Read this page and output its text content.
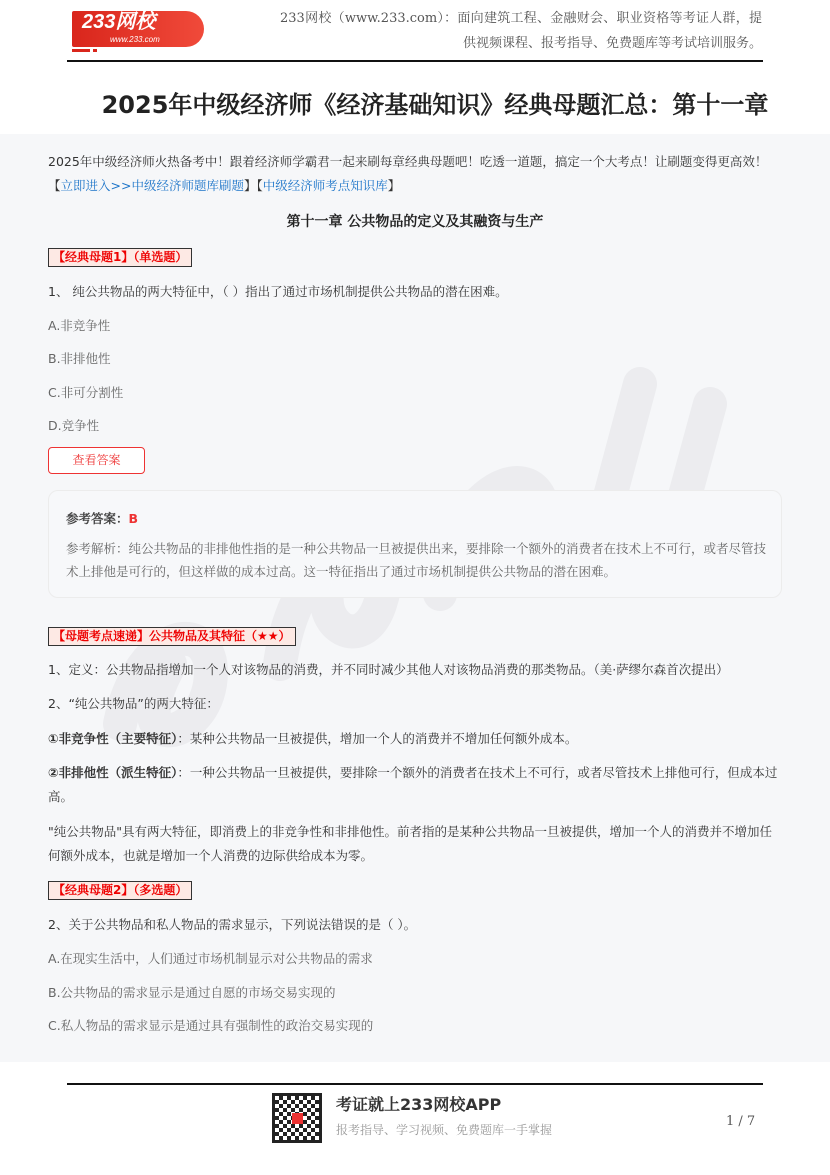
233网校
www.233.com
233网校（www.233.com）：面向建筑工程、金融财会、职业资格等考证人群，提供视频课程、报考指导、免费题库等考试培训服务。
2025年中级经济师《经济基础知识》经典母题汇总：第十一章
2025年中级经济师火热备考中！跟着经济师学霸君一起来刷每章经典母题吧！吃透一道题，搞定一个大考点！让刷题变得更高效！ 【立即进入>>中级经济师题库刷题】【中级经济师考点知识库】
第十一章 公共物品的定义及其融资与生产
【经典母题1】（单选题）
1、 纯公共物品的两大特征中，（ ）指出了通过市场机制提供公共物品的潜在困难。
A.非竞争性
B.非排他性
C.非可分割性
D.竞争性
查看答案
参考答案：B
参考解析：纯公共物品的非排他性指的是一种公共物品一旦被提供出来，要排除一个额外的消费者在技术上不可行，或者尽管技术上排他是可行的，但这样做的成本过高。这一特征指出了通过市场机制提供公共物品的潜在困难。
【母题考点速递】公共物品及其特征（★★）
1、定义：公共物品指增加一个人对该物品的消费，并不同时减少其他人对该物品消费的那类物品。（美·萨缪尔森首次提出）
2、“纯公共物品”的两大特征：
①非竞争性（主要特征）：某种公共物品一旦被提供，增加一个人的消费并不增加任何额外成本。
②非排他性（派生特征）：一种公共物品一旦被提供，要排除一个额外的消费者在技术上不可行，或者尽管技术上排他可行，但成本过高。
"纯公共物品"具有两大特征，即消费上的非竞争性和非排他性。前者指的是某种公共物品一旦被提供，增加一个人的消费并不增加任何额外成本，也就是增加一个人消费的边际供给成本为零。
【经典母题2】（多选题）
2、关于公共物品和私人物品的需求显示，下列说法错误的是（ ）。
A.在现实生活中，人们通过市场机制显示对公共物品的需求
B.公共物品的需求显示是通过自愿的市场交易实现的
C.私人物品的需求显示是通过具有强制性的政治交易实现的
考证就上233网校APP
报考指导、学习视频、免费题库一手掌握
1 / 7
